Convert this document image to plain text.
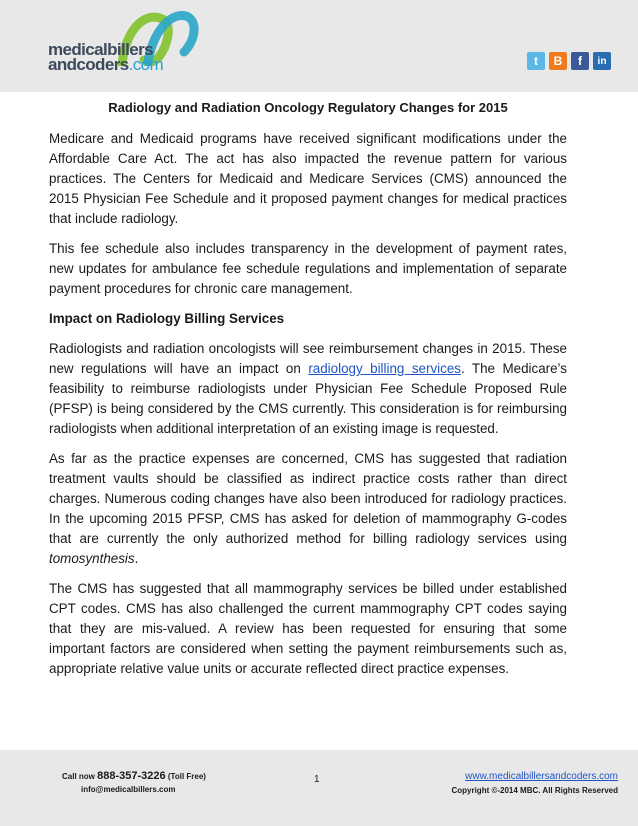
medicalbillers
andcoders.com	t	B	f	in
Radiology and Radiation Oncology Regulatory Changes for 2015

Medicare and Medicaid programs have received significant modifications under the Affordable Care Act. The act has also impacted the revenue pattern for various practices. The Centers for Medicaid and Medicare Services (CMS) announced the 2015 Physician Fee Schedule and it proposed payment changes for medical practices that include radiology.

This fee schedule also includes transparency in the development of payment rates, new updates for ambulance fee schedule regulations and implementation of separate payment procedures for chronic care management.

Impact on Radiology Billing Services

Radiologists and radiation oncologists will see reimbursement changes in 2015. These new regulations will have an impact on radiology billing services. The Medicare’s feasibility to reimburse radiologists under Physician Fee Schedule Proposed Rule (PFSP) is being considered by the CMS currently. This consideration is for reimbursing radiologists when additional interpretation of an existing image is requested.

As far as the practice expenses are concerned, CMS has suggested that radiation treatment vaults should be classified as indirect practice costs rather than direct charges. Numerous coding changes have also been introduced for radiology practices. In the upcoming 2015 PFSP, CMS has asked for deletion of mammography G-codes that are currently the only authorized method for billing radiology services using tomosynthesis.

The CMS has suggested that all mammography services be billed under established CPT codes. CMS has also challenged the current mammography CPT codes saying that they are mis-valued. A review has been requested for ensuring that some important factors are considered when setting the payment reimbursements such as, appropriate relative value units or accurate reflected direct practice expenses.

Call now 888-357-3226 (Toll Free)
info@medicalbillers.com
1	www.medicalbillersandcoders.com
Copyright ©-2014 MBC. All Rights Reserved
